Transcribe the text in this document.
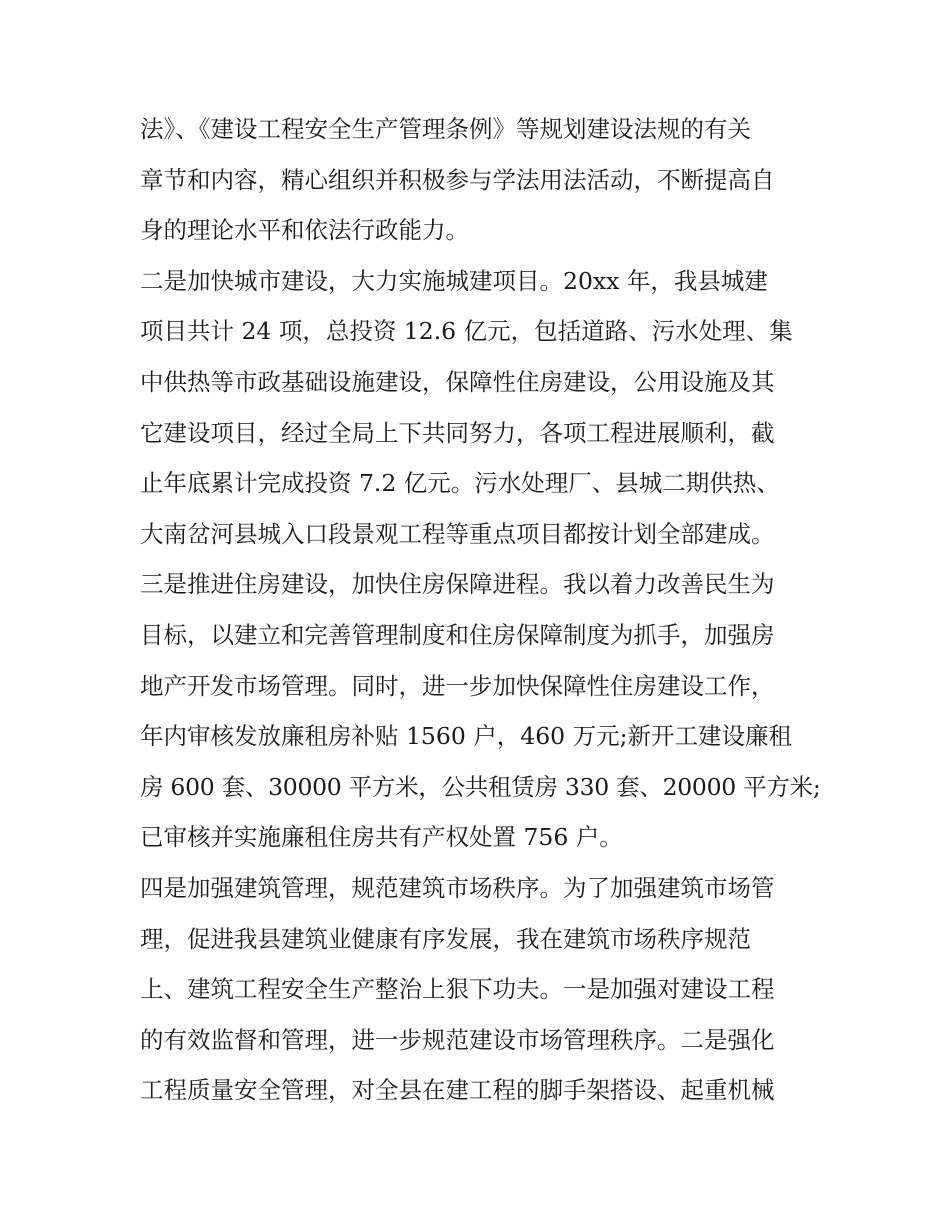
法》、《建设工程安全生产管理条例》等规划建设法规的有关
章节和内容，精心组织并积极参与学法用法活动，不断提高自
身的理论水平和依法行政能力。
二是加快城市建设，大力实施城建项目。20xx 年，我县城建
项目共计 24 项，总投资 12.6 亿元，包括道路、污水处理、集
中供热等市政基础设施建设，保障性住房建设，公用设施及其
它建设项目，经过全局上下共同努力，各项工程进展顺利，截
止年底累计完成投资 7.2 亿元。污水处理厂、县城二期供热、
大南岔河县城入口段景观工程等重点项目都按计划全部建成。
三是推进住房建设，加快住房保障进程。我以着力改善民生为
目标，以建立和完善管理制度和住房保障制度为抓手，加强房
地产开发市场管理。同时，进一步加快保障性住房建设工作，
年内审核发放廉租房补贴 1560 户，460 万元;新开工建设廉租
房 600 套、30000 平方米，公共租赁房 330 套、20000 平方米;
已审核并实施廉租住房共有产权处置 756 户。
四是加强建筑管理，规范建筑市场秩序。为了加强建筑市场管
理，促进我县建筑业健康有序发展，我在建筑市场秩序规范
上、建筑工程安全生产整治上狠下功夫。一是加强对建设工程
的有效监督和管理，进一步规范建设市场管理秩序。二是强化
工程质量安全管理，对全县在建工程的脚手架搭设、起重机械
